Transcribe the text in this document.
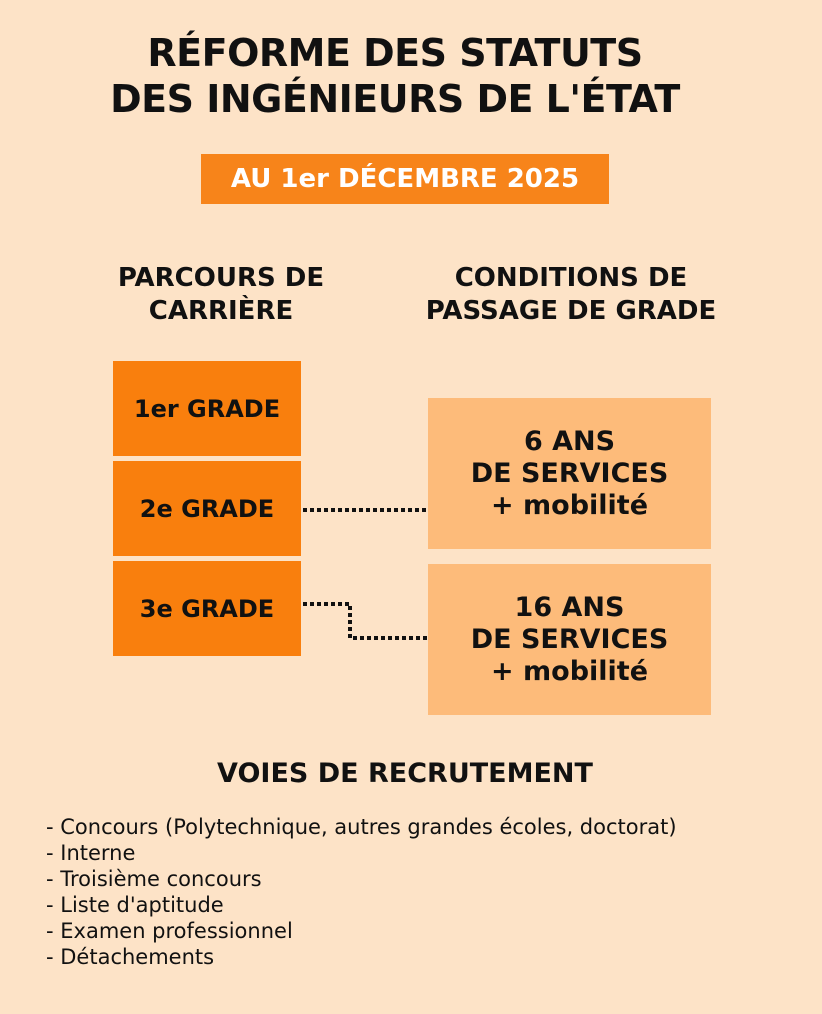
RÉFORME DES STATUTS
DES INGÉNIEURS DE L'ÉTAT
AU 1er DÉCEMBRE 2025
PARCOURS DE
CARRIÈRE
CONDITIONS DE
PASSAGE DE GRADE
1er GRADE
2e GRADE
3e GRADE
6 ANS
DE SERVICES
+ mobilité
16 ANS
DE SERVICES
+ mobilité
VOIES DE RECRUTEMENT
- Concours (Polytechnique, autres grandes écoles, doctorat)
- Interne
- Troisième concours
- Liste d'aptitude
- Examen professionnel
- Détachements
